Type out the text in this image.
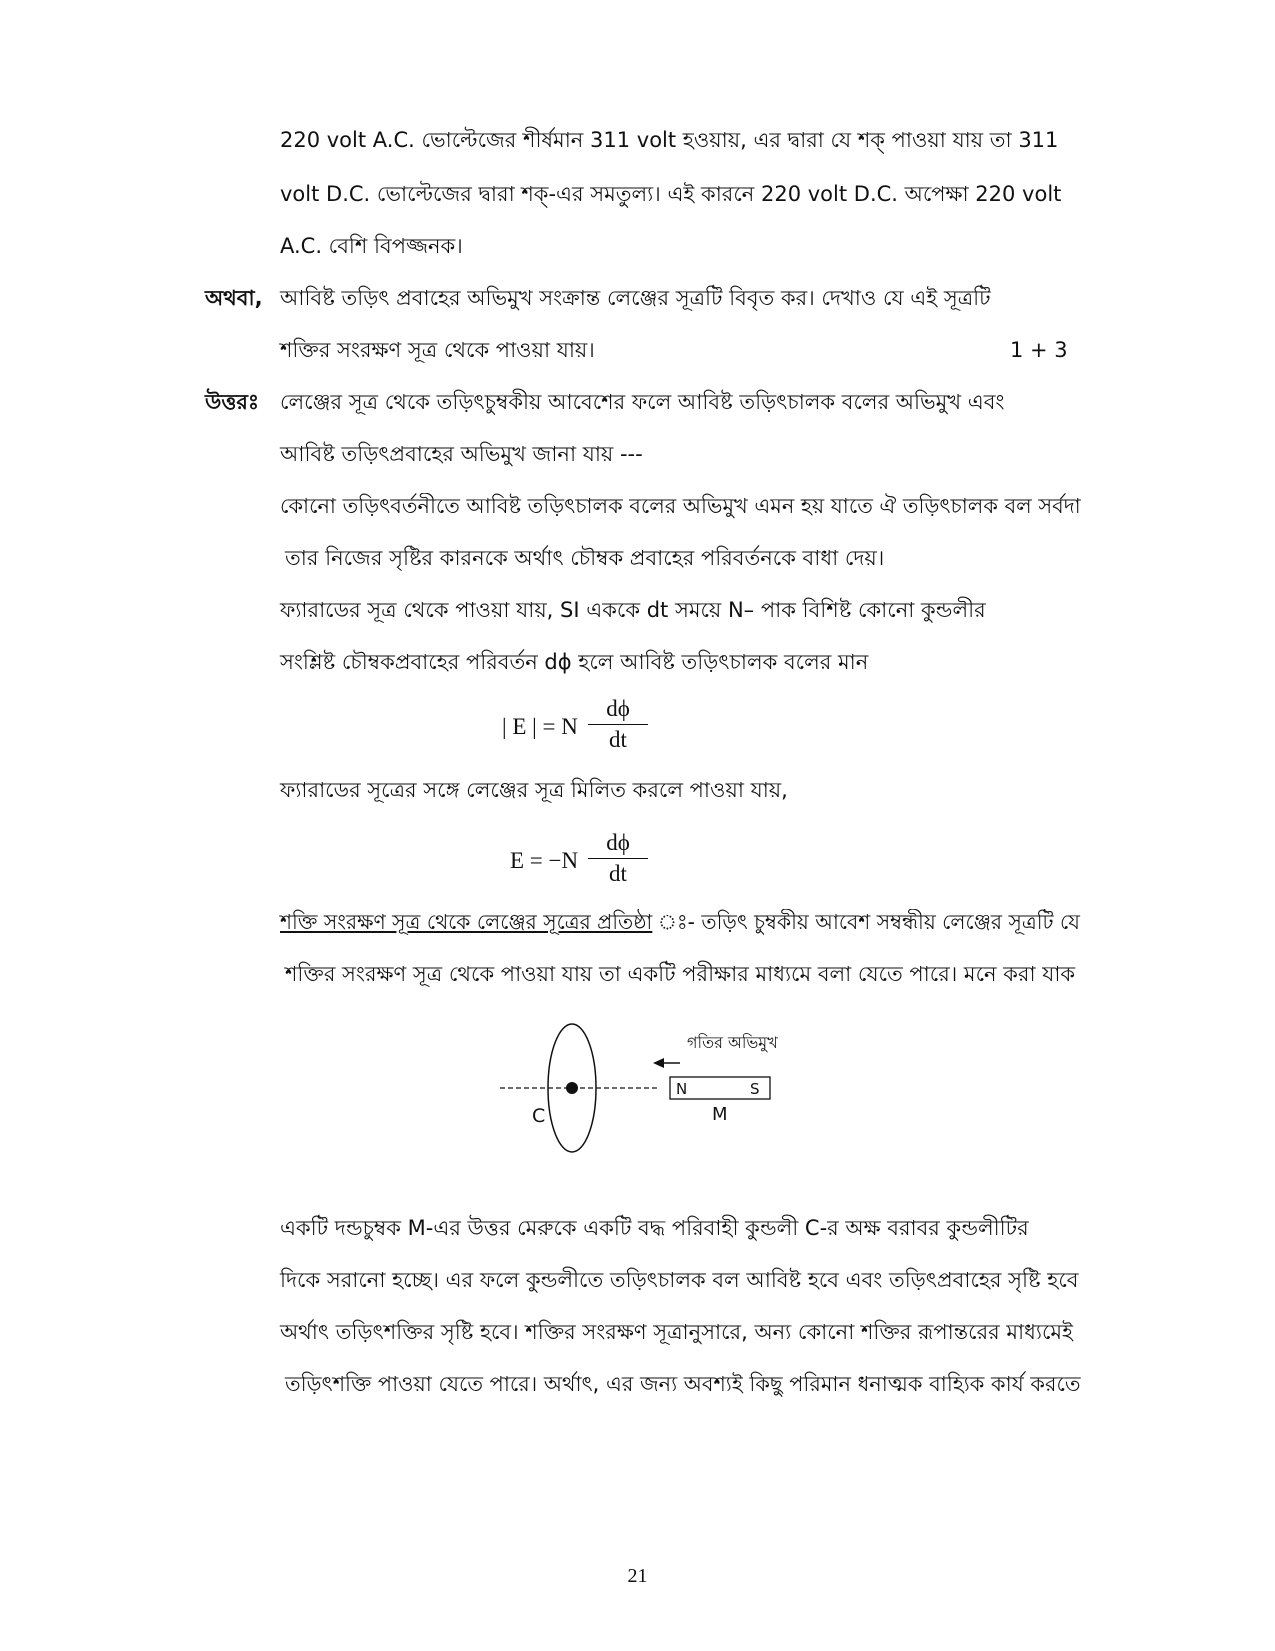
220 volt A.C. ভোল্টেজের শীর্ষমান 311 volt হওয়ায়, এর দ্বারা যে শক্ পাওয়া যায় তা 311
volt D.C. ভোল্টেজের দ্বারা শক্-এর সমতুল্য। এই কারনে 220 volt D.C. অপেক্ষা 220 volt
A.C. বেশি বিপজ্জনক।
অথবা, আবিষ্ট তড়িৎ প্রবাহের অভিমুখ সংক্রান্ত লেঞ্জের সূত্রটি বিবৃত কর। দেখাও যে এই সূত্রটি
শক্তির সংরক্ষণ সূত্র থেকে পাওয়া যায়।	1 + 3
উত্তরঃ লেঞ্জের সূত্র থেকে তড়িৎচুম্বকীয় আবেশের ফলে আবিষ্ট তড়িৎচালক বলের অভিমুখ এবং
আবিষ্ট তড়িৎপ্রবাহের অভিমুখ জানা যায় ---
কোনো তড়িৎবর্তনীতে আবিষ্ট তড়িৎচালক বলের অভিমুখ এমন হয় যাতে ঐ তড়িৎচালক বল সর্বদা
তার নিজের সৃষ্টির কারনকে অর্থাৎ চৌম্বক প্রবাহের পরিবর্তনকে বাধা দেয়।
ফ্যারাডের সূত্র থেকে পাওয়া যায়, SI এককে dt সময়ে N– পাক বিশিষ্ট কোনো কুন্ডলীর
সংশ্লিষ্ট চৌম্বকপ্রবাহের পরিবর্তন dϕ হলে আবিষ্ট তড়িৎচালক বলের মান
| E | = N
dϕ
dt
ফ্যারাডের সূত্রের সঙ্গে লেঞ্জের সূত্র মিলিত করলে পাওয়া যায়,
E = −N
dϕ
dt
শক্তি সংরক্ষণ সূত্র থেকে লেঞ্জের সূত্রের প্রতিষ্ঠা ঃ- তড়িৎ চুম্বকীয় আবেশ সম্বন্ধীয় লেঞ্জের সূত্রটি যে
শক্তির সংরক্ষণ সূত্র থেকে পাওয়া যায় তা একটি পরীক্ষার মাধ্যমে বলা যেতে পারে। মনে করা যাক
N	S
গতির অভিমুখ
C	M
একটি দন্ডচুম্বক M-এর উত্তর মেরুকে একটি বদ্ধ পরিবাহী কুন্ডলী C-র অক্ষ বরাবর কুন্ডলীটির
দিকে সরানো হচ্ছে। এর ফলে কুন্ডলীতে তড়িৎচালক বল আবিষ্ট হবে এবং তড়িৎপ্রবাহের সৃষ্টি হবে
অর্থাৎ তড়িৎশক্তির সৃষ্টি হবে। শক্তির সংরক্ষণ সূত্রানুসারে, অন্য কোনো শক্তির রূপান্তরের মাধ্যমেই
তড়িৎশক্তি পাওয়া যেতে পারে। অর্থাৎ, এর জন্য অবশ্যই কিছু পরিমান ধনাত্মক বাহ্যিক কার্য করতে
21
